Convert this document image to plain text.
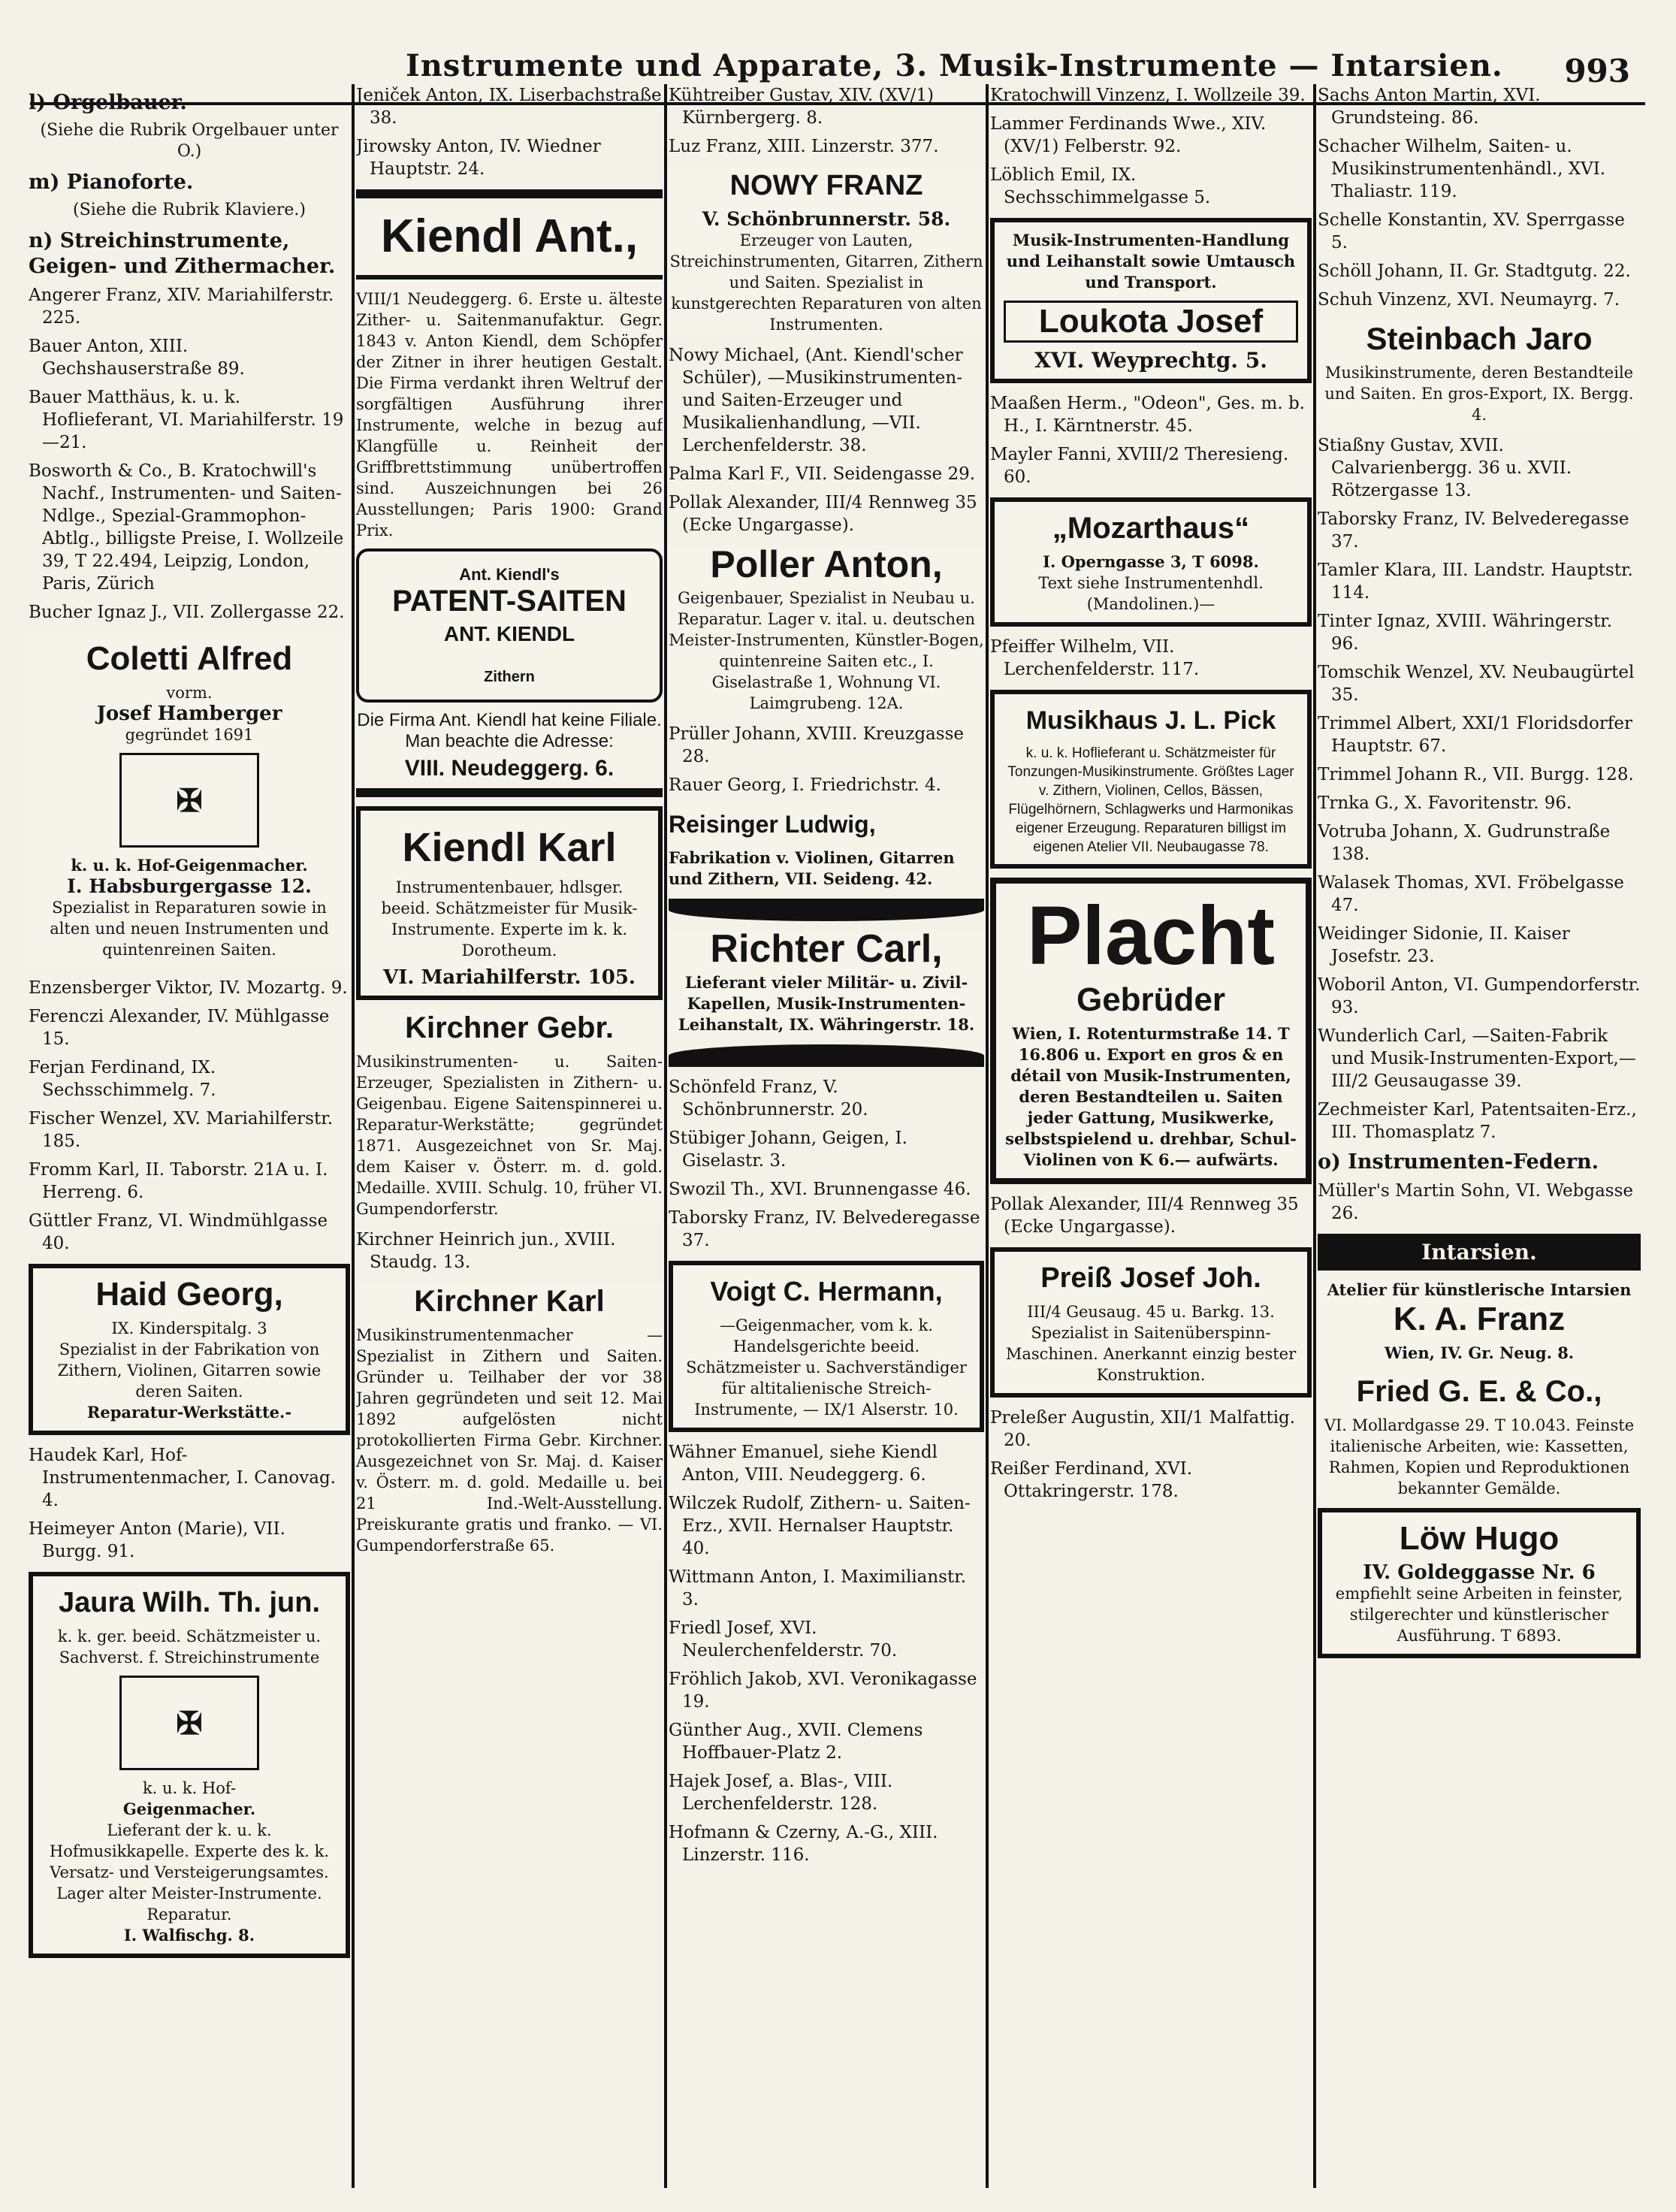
Instrumente und Apparate, 3. Musik-Instrumente — Intarsien. 993
l) Orgelbauer.
(Siehe die Rubrik Orgelbauer unter O.)
m) Pianoforte.
(Siehe die Rubrik Klaviere.)
n) Streichinstrumente, Geigen- und Zithermacher.
Angerer Franz, XIV. Mariahilferstr. 225.
Bauer Anton, XIII. Gechshauserstraße 89.
Bauer Matthäus, k. u. k. Hoflieferant, VI. Mariahilferstr. 19—21.
Bosworth & Co., B. Kratochwill's Nachf., Instrumenten- und Saiten-Ndlge., Spezial-Grammophon-Abtlg., billigste Preise, I. Wollzeile 39, T 22.494, Leipzig, London, Paris, Zürich
Bucher Ignaz J., VII. Zollergasse 22.
Coletti Alfred
vorm.
Josef Hamberger
gegründet 1691
✠
k. u. k. Hof-Geigenmacher.
I. Habsburgergasse 12.
Spezialist in Reparaturen sowie in alten und neuen Instrumenten und quintenreinen Saiten.
Enzensberger Viktor, IV. Mozartg. 9.
Ferenczi Alexander, IV. Mühlgasse 15.
Ferjan Ferdinand, IX. Sechsschimmelg. 7.
Fischer Wenzel, XV. Mariahilferstr. 185.
Fromm Karl, II. Taborstr. 21A u. I. Herreng. 6.
Güttler Franz, VI. Windmühlgasse 40.
Haid Georg,
IX. Kinderspitalg. 3
Spezialist in der Fabrikation von Zithern, Violinen, Gitarren sowie deren Saiten.
Reparatur-Werkstätte.-
Haudek Karl, Hof-Instrumentenmacher, I. Canovag. 4.
Heimeyer Anton (Marie), VII. Burgg. 91.
Jaura Wilh. Th. jun.
k. k. ger. beeid. Schätzmeister u. Sachverst. f. Streichinstrumente
✠
k. u. k. Hof-
Geigenmacher.
Lieferant der k. u. k. Hofmusikkapelle. Experte des k. k. Versatz- und Versteigerungsamtes.
Lager alter Meister-Instrumente.
Reparatur.
I. Walfischg. 8.
Jeniček Anton, IX. Liserbachstraße 38.
Jirowsky Anton, IV. Wiedner Hauptstr. 24.
Kiendl Ant.,
VIII/1 Neudeggerg. 6. Erste u. älteste Zither- u. Saitenmanufaktur. Gegr. 1843 v. Anton Kiendl, dem Schöpfer der Zitner in ihrer heutigen Gestalt. Die Firma verdankt ihren Weltruf der sorgfältigen Ausführung ihrer Instrumente, welche in bezug auf Klangfülle u. Reinheit der Griffbrettstimmung unübertroffen sind. Auszeichnungen bei 26 Ausstellungen; Paris 1900: Grand Prix.
Ant. Kiendl's
PATENT-SAITEN
ANT. KIENDL
Zithern
Die Firma Ant. Kiendl hat keine Filiale. Man beachte die Adresse:
VIII. Neudeggerg. 6.
Kiendl Karl
Instrumentenbauer, hdlsger. beeid. Schätzmeister für Musik-Instrumente. Experte im k. k. Dorotheum.
VI. Mariahilferstr. 105.
Kirchner Gebr.
Musikinstrumenten- u. Saiten-Erzeuger, Spezialisten in Zithern- u. Geigenbau. Eigene Saitenspinnerei u. Reparatur-Werkstätte; gegründet 1871. Ausgezeichnet von Sr. Maj. dem Kaiser v. Österr. m. d. gold. Medaille. XVIII. Schulg. 10, früher VI. Gumpendorferstr.
Kirchner Heinrich jun., XVIII. Staudg. 13.
Kirchner Karl
Musikinstrumentenmacher —Spezialist in Zithern und Saiten. Gründer u. Teilhaber der vor 38 Jahren gegründeten und seit 12. Mai 1892 aufgelösten nicht protokollierten Firma Gebr. Kirchner. Ausgezeichnet von Sr. Maj. d. Kaiser v. Österr. m. d. gold. Medaille u. bei 21 Ind.-Welt-Ausstellung. Preiskurante gratis und franko. — VI. Gumpendorferstraße 65.
Kühtreiber Gustav, XIV. (XV/1) Kürnbergerg. 8.
Luz Franz, XIII. Linzerstr. 377.
NOWY FRANZ
V. Schönbrunnerstr. 58.
Erzeuger von Lauten, Streichinstrumenten, Gitarren, Zithern und Saiten. Spezialist in kunstgerechten Reparaturen von alten Instrumenten.
Nowy Michael, (Ant. Kiendl'scher Schüler), —Musikinstrumenten- und Saiten-Erzeuger und Musikalienhandlung, —VII. Lerchenfelderstr. 38.
Palma Karl F., VII. Seidengasse 29.
Pollak Alexander, III/4 Rennweg 35 (Ecke Ungargasse).
Poller Anton,
Geigenbauer, Spezialist in Neubau u. Reparatur. Lager v. ital. u. deutschen Meister-Instrumenten, Künstler-Bogen, quintenreine Saiten etc., I. Giselastraße 1, Wohnung VI. Laimgrubeng. 12A.
Prüller Johann, XVIII. Kreuzgasse 28.
Rauer Georg, I. Friedrichstr. 4.
Reisinger Ludwig,
Fabrikation v. Violinen, Gitarren und Zithern, VII. Seideng. 42.
Richter Carl,
Lieferant vieler Militär- u. Zivil-Kapellen, Musik-Instrumenten-Leihanstalt, IX. Währingerstr. 18.
Schönfeld Franz, V. Schönbrunnerstr. 20.
Stübiger Johann, Geigen, I. Giselastr. 3.
Swozil Th., XVI. Brunnengasse 46.
Taborsky Franz, IV. Belvederegasse 37.
Voigt C. Hermann,
—Geigenmacher, vom k. k. Handelsgerichte beeid. Schätzmeister u. Sachverständiger für altitalienische Streich-Instrumente, — IX/1 Alserstr. 10.
Wähner Emanuel, siehe Kiendl Anton, VIII. Neudeggerg. 6.
Wilczek Rudolf, Zithern- u. Saiten-Erz., XVII. Hernalser Hauptstr. 40.
Wittmann Anton, I. Maximilianstr. 3.
Friedl Josef, XVI. Neulerchenfelderstr. 70.
Fröhlich Jakob, XVI. Veronikagasse 19.
Günther Aug., XVII. Clemens Hoffbauer-Platz 2.
Hajek Josef, a. Blas-, VIII. Lerchenfelderstr. 128.
Hofmann & Czerny, A.-G., XIII. Linzerstr. 116.
Kratochwill Vinzenz, I. Wollzeile 39.
Lammer Ferdinands Wwe., XIV. (XV/1) Felberstr. 92.
Löblich Emil, IX. Sechsschimmelgasse 5.
Musik-Instrumenten-Handlung und Leihanstalt sowie Umtausch und Transport.
Loukota Josef
XVI. Weyprechtg. 5.
Maaßen Herm., "Odeon", Ges. m. b. H., I. Kärntnerstr. 45.
Mayler Fanni, XVIII/2 Theresieng. 60.
„Mozarthaus“
I. Operngasse 3, T 6098.
Text siehe Instrumentenhdl. (Mandolinen.)—
Pfeiffer Wilhelm, VII. Lerchenfelderstr. 117.
Musikhaus J. L. Pick
k. u. k. Hoflieferant u. Schätzmeister für Tonzungen-Musikinstrumente. Größtes Lager v. Zithern, Violinen, Cellos, Bässen, Flügelhörnern, Schlagwerks und Harmonikas eigener Erzeugung. Reparaturen billigst im eigenen Atelier VII. Neubaugasse 78.
Placht
Gebrüder
Wien, I. Rotenturmstraße 14. T 16.806 u. Export en gros & en détail von Musik-Instrumenten, deren Bestandteilen u. Saiten jeder Gattung, Musikwerke, selbstspielend u. drehbar, Schul-Violinen von K 6.— aufwärts.
Pollak Alexander, III/4 Rennweg 35 (Ecke Ungargasse).
Preiß Josef Joh.
III/4 Geusaug. 45 u. Barkg. 13. Spezialist in Saitenüberspinn-Maschinen. Anerkannt einzig bester Konstruktion.
Preleßer Augustin, XII/1 Malfattig. 20.
Reißer Ferdinand, XVI. Ottakringerstr. 178.
Sachs Anton Martin, XVI. Grundsteing. 86.
Schacher Wilhelm, Saiten- u. Musikinstrumentenhändl., XVI. Thaliastr. 119.
Schelle Konstantin, XV. Sperrgasse 5.
Schöll Johann, II. Gr. Stadtgutg. 22.
Schuh Vinzenz, XVI. Neumayrg. 7.
Steinbach Jaro
Musikinstrumente, deren Bestandteile und Saiten. En gros-Export, IX. Bergg. 4.
Stiaßny Gustav, XVII. Calvarienbergg. 36 u. XVII. Rötzergasse 13.
Taborsky Franz, IV. Belvederegasse 37.
Tamler Klara, III. Landstr. Hauptstr. 114.
Tinter Ignaz, XVIII. Währingerstr. 96.
Tomschik Wenzel, XV. Neubaugürtel 35.
Trimmel Albert, XXI/1 Floridsdorfer Hauptstr. 67.
Trimmel Johann R., VII. Burgg. 128.
Trnka G., X. Favoritenstr. 96.
Votruba Johann, X. Gudrunstraße 138.
Walasek Thomas, XVI. Fröbelgasse 47.
Weidinger Sidonie, II. Kaiser Josefstr. 23.
Woboril Anton, VI. Gumpendorferstr. 93.
Wunderlich Carl, —Saiten-Fabrik und Musik-Instrumenten-Export,— III/2 Geusaugasse 39.
Zechmeister Karl, Patentsaiten-Erz., III. Thomasplatz 7.
o) Instrumenten-Federn.
Müller's Martin Sohn, VI. Webgasse 26.
Intarsien.
Atelier für künstlerische Intarsien
K. A. Franz
Wien, IV. Gr. Neug. 8.
Fried G. E. & Co.,
VI. Mollardgasse 29. T 10.043. Feinste italienische Arbeiten, wie: Kassetten, Rahmen, Kopien und Reproduktionen bekannter Gemälde.
Löw Hugo
IV. Goldeggasse Nr. 6
empfiehlt seine Arbeiten in feinster, stilgerechter und künstlerischer Ausführung. T 6893.
